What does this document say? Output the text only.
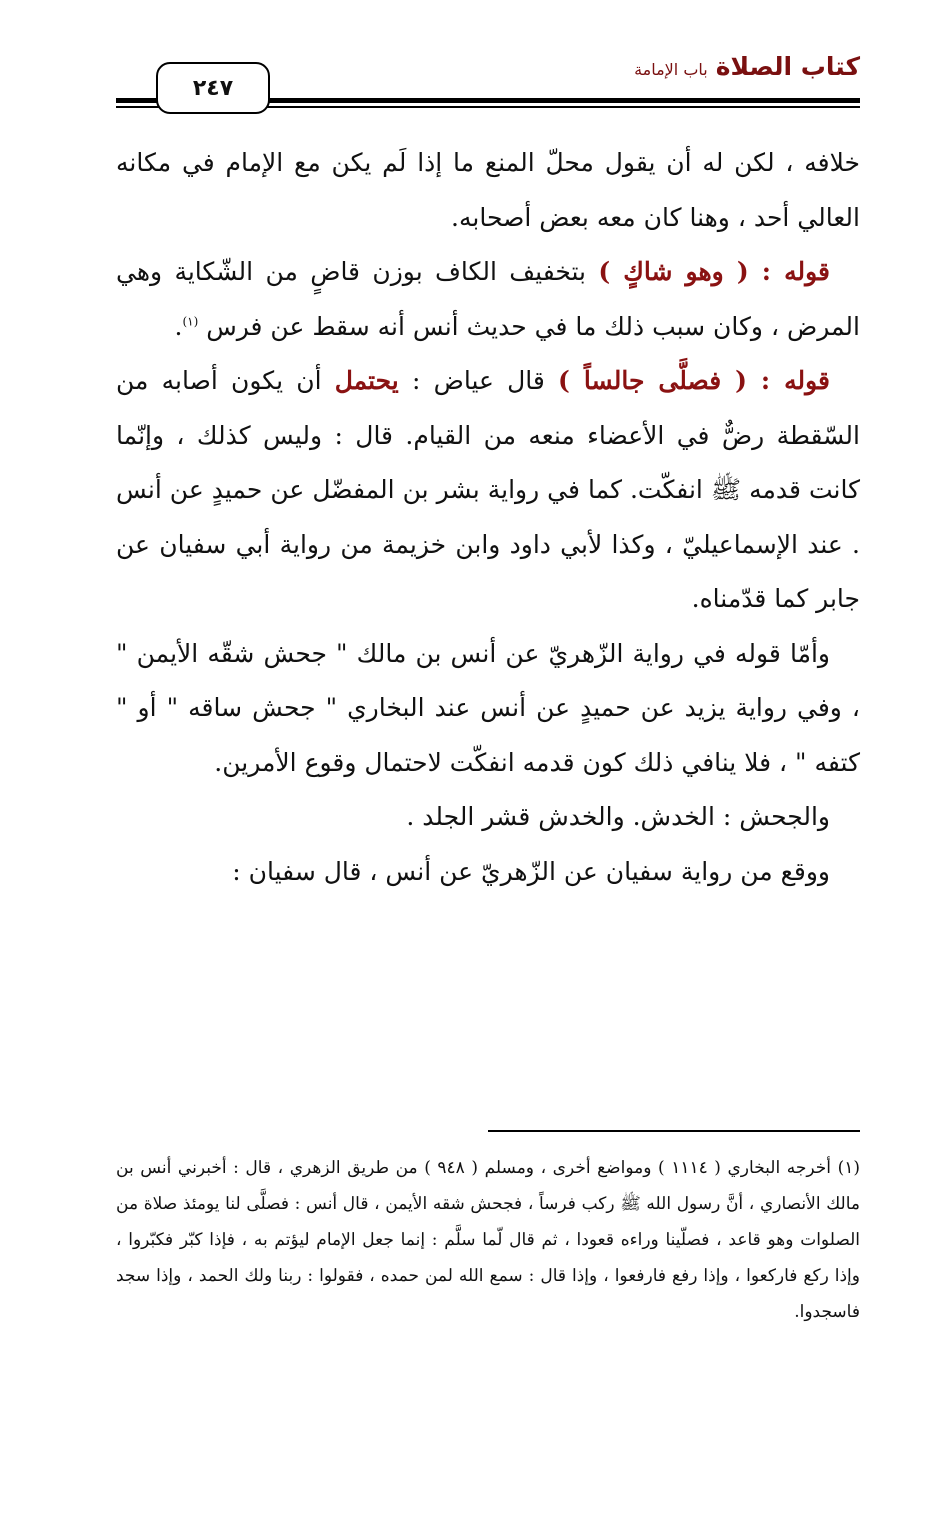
كتاب الصلاة
باب الإمامة
٢٤٧

خلافه ، لكن له أن يقول محلّ المنع ما إذا لَم يكن مع الإمام في مكانه العالي أحد ، وهنا كان معه بعض أصحابه.

قوله : ( وهو شاكٍ ) بتخفيف الكاف بوزن قاضٍ من الشّكاية وهي المرض ، وكان سبب ذلك ما في حديث أنس أنه سقط عن فرس $^{(١)}$.

قوله : ( فصلَّى جالساً ) قال عياض : يحتمل أن يكون أصابه من السّقطة رضٌّ في الأعضاء منعه من القيام. قال : وليس كذلك ، وإنّما كانت قدمه ﷺ انفكّت. كما في رواية بشر بن المفضّل عن حميدٍ عن أنس . عند الإسماعيليّ ، وكذا لأبي داود وابن خزيمة من رواية أبي سفيان عن جابر كما قدّمناه.

وأمّا قوله في رواية الزّهريّ عن أنس بن مالك " جحش شقّه الأيمن " ، وفي رواية يزيد عن حميدٍ عن أنس عند البخاري " جحش ساقه " أو " كتفه " ، فلا ينافي ذلك كون قدمه انفكّت لاحتمال وقوع الأمرين.

والجحش : الخدش. والخدش قشر الجلد .

ووقع من رواية سفيان عن الزّهريّ عن أنس ، قال سفيان :

(١) أخرجه البخاري ( ١١١٤ ) ومواضع أخرى ، ومسلم ( ٩٤٨ ) من طريق الزهري ، قال : أخبرني أنس بن مالك الأنصاري ، أنَّ رسول الله ﷺ ركب فرساً ، فجحش شقه الأيمن ، قال أنس : فصلَّى لنا يومئذ صلاة من الصلوات وهو قاعد ، فصلّينا وراءه قعودا ، ثم قال لّما سلَّم : إنما جعل الإمام ليؤتم به ، فإذا كبّر فكبّروا ، وإذا ركع فاركعوا ، وإذا رفع فارفعوا ، وإذا قال : سمع الله لمن حمده ، فقولوا : ربنا ولك الحمد ، وإذا سجد فاسجدوا.
